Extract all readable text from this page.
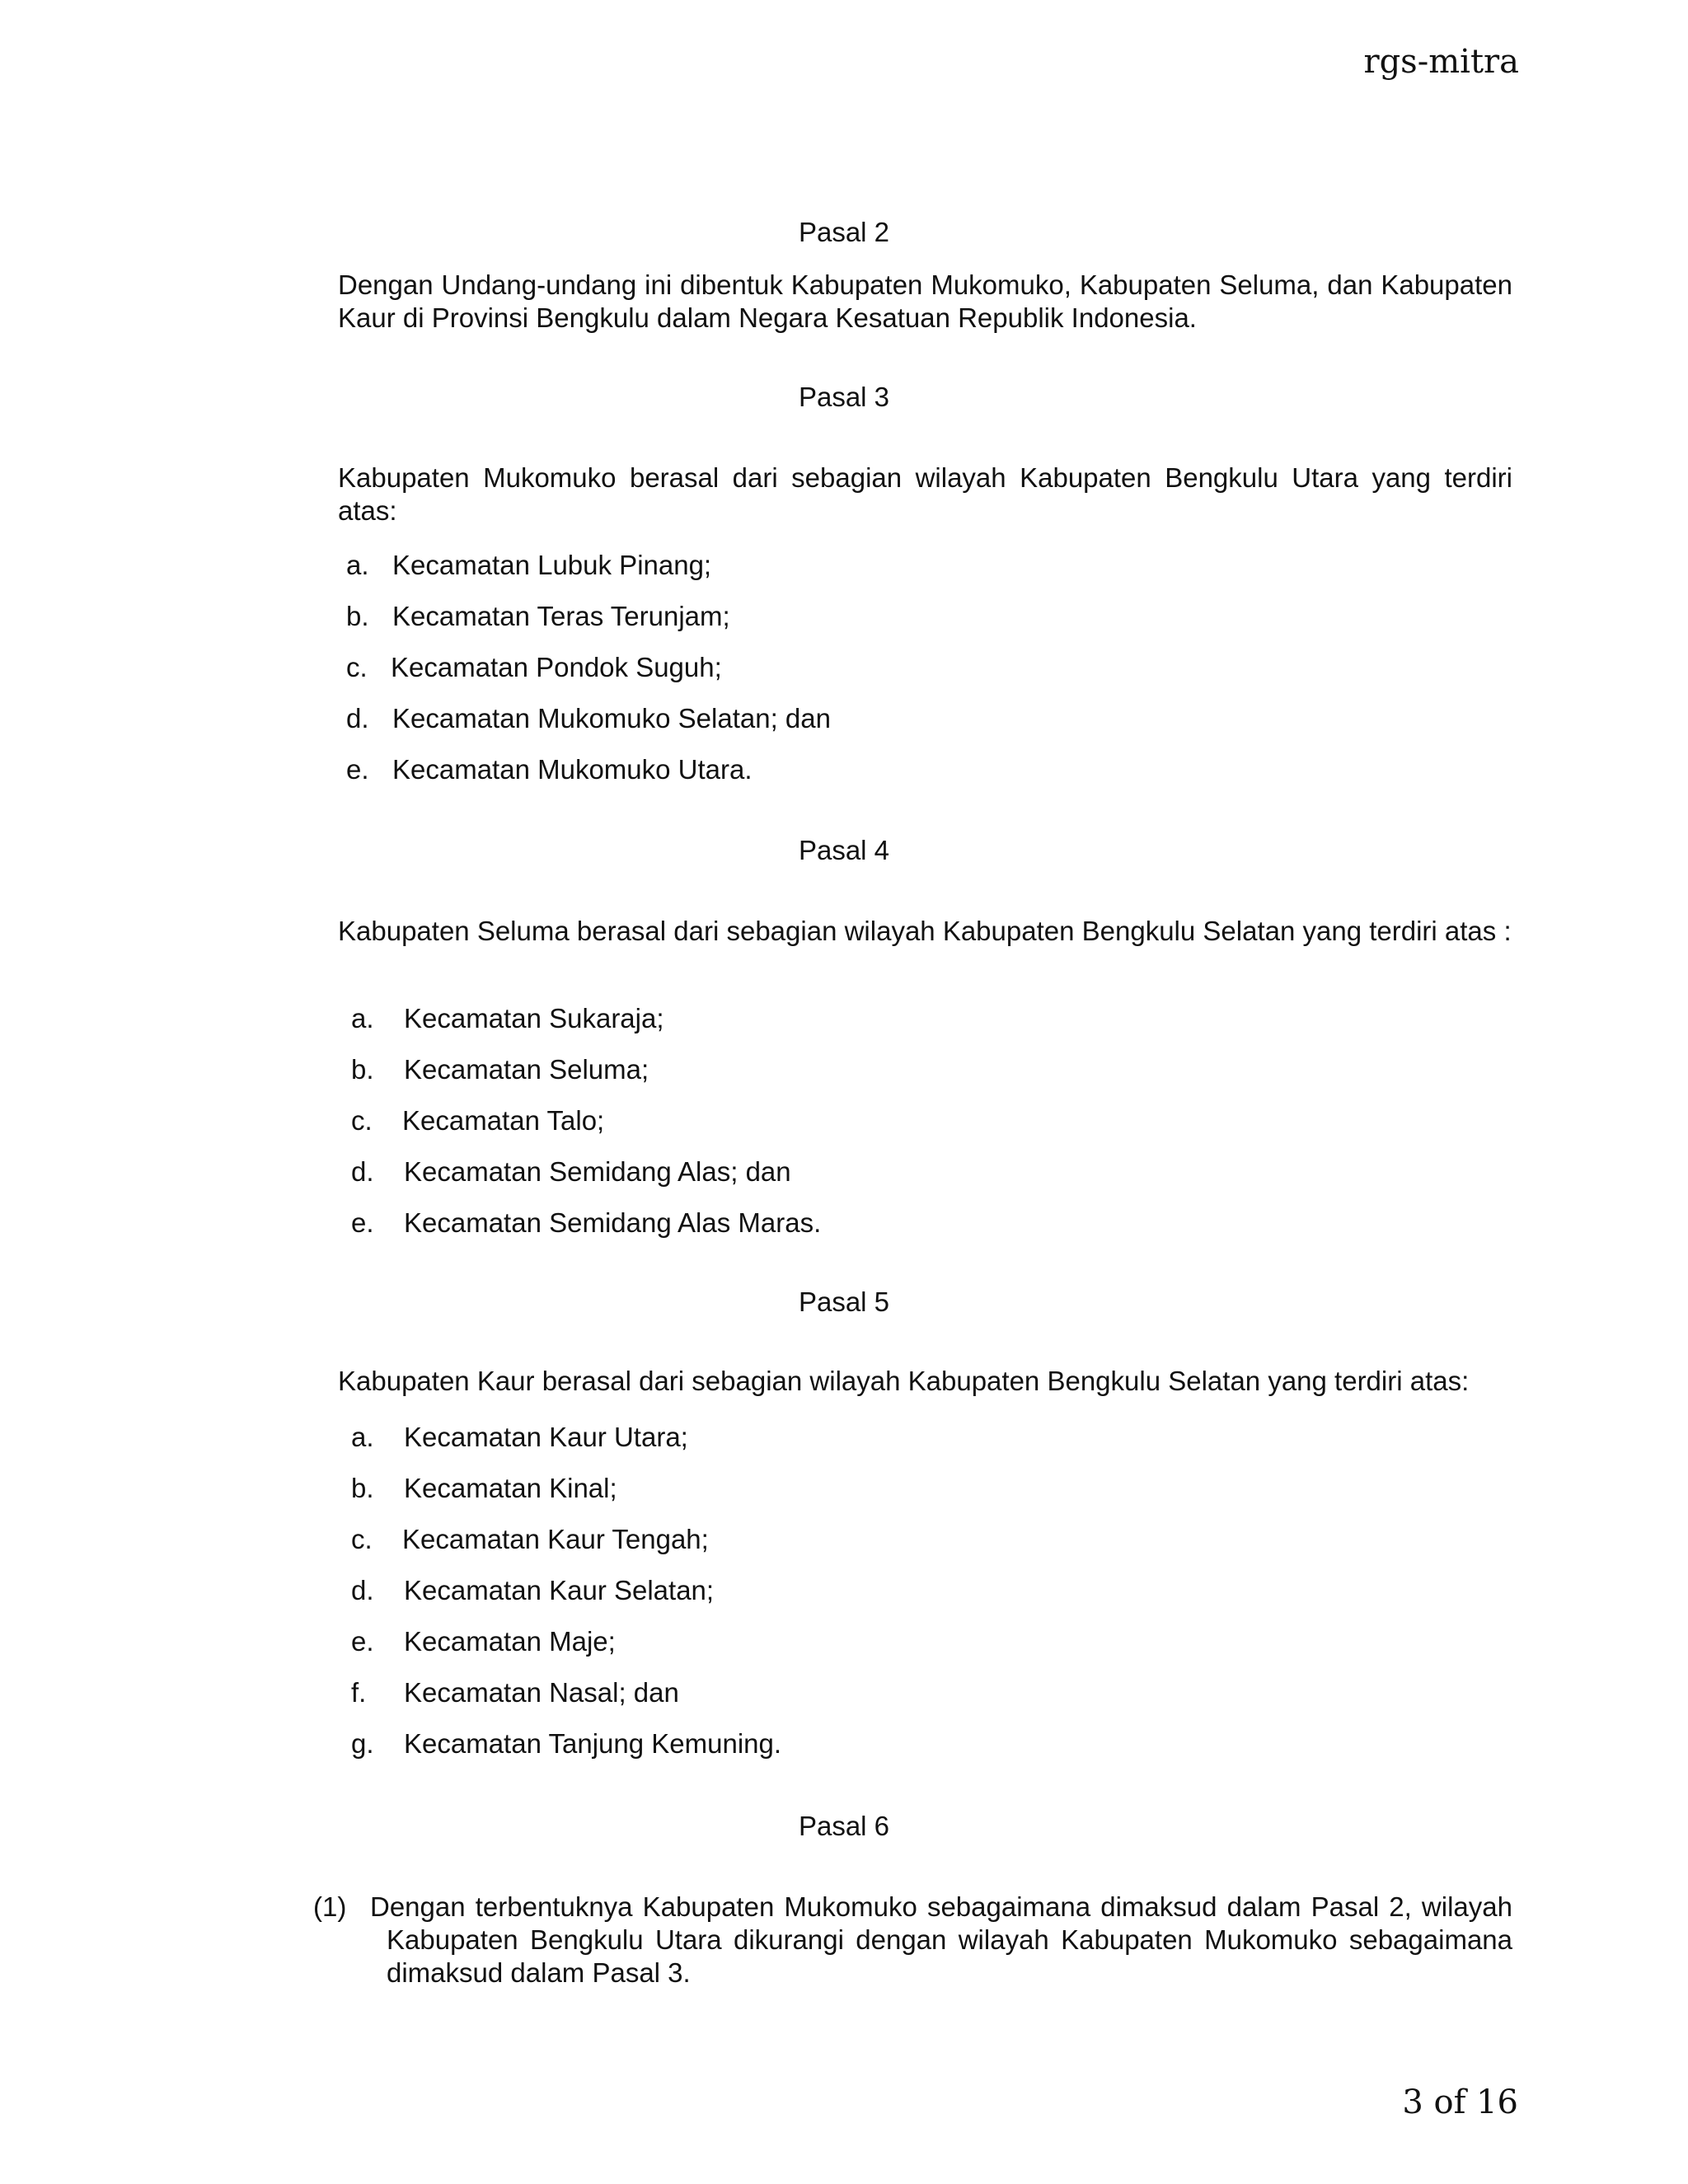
rgs-mitra
Pasal 2
Dengan Undang-undang ini dibentuk Kabupaten Mukomuko, Kabupaten Seluma, dan Kabupaten Kaur di Provinsi Bengkulu dalam Negara Kesatuan Republik Indonesia.
Pasal 3
Kabupaten Mukomuko berasal dari sebagian wilayah Kabupaten Bengkulu Utara yang terdiri atas:
a. Kecamatan Lubuk Pinang;
b. Kecamatan Teras Terunjam;
c. Kecamatan Pondok Suguh;
d. Kecamatan Mukomuko Selatan; dan
e. Kecamatan Mukomuko Utara.
Pasal 4
Kabupaten Seluma berasal dari sebagian wilayah Kabupaten Bengkulu Selatan yang terdiri atas :
a. Kecamatan Sukaraja;
b. Kecamatan Seluma;
c. Kecamatan Talo;
d. Kecamatan Semidang Alas; dan
e. Kecamatan Semidang Alas Maras.
Pasal 5
Kabupaten Kaur berasal dari sebagian wilayah Kabupaten Bengkulu Selatan yang terdiri atas:
a. Kecamatan Kaur Utara;
b. Kecamatan Kinal;
c. Kecamatan Kaur Tengah;
d. Kecamatan Kaur Selatan;
e. Kecamatan Maje;
f. Kecamatan Nasal; dan
g. Kecamatan Tanjung Kemuning.
Pasal 6
(1) Dengan terbentuknya Kabupaten Mukomuko sebagaimana dimaksud dalam Pasal 2, wilayah
Kabupaten Bengkulu Utara dikurangi dengan wilayah Kabupaten Mukomuko sebagaimana dimaksud dalam Pasal 3.
3 of 16
